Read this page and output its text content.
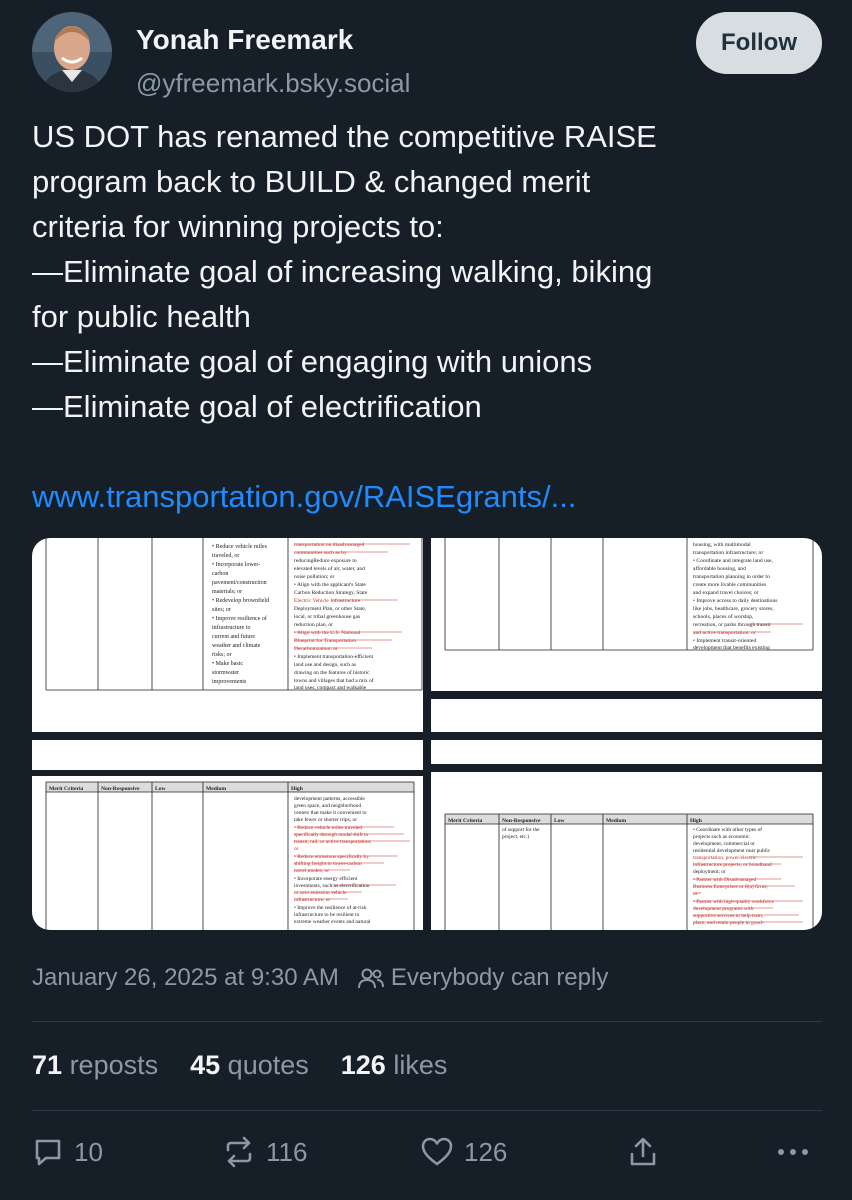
Yonah Freemark
@yfreemark.bsky.social
Follow
US DOT has renamed the competitive RAISE
program back to BUILD & changed merit
criteria for winning projects to:
—Eliminate goal of increasing walking, biking
for public health
—Eliminate goal of engaging with unions
—Eliminate goal of electrification
www.transportation.gov/RAISEgrants/...
• Reduce vehicle miles
traveled, or
• Incorporate lower-
carbon
pavement/construction
materials; or
• Redevelop brownfield
sites; or
• Improve resilience of
infrastructure to
current and future
weather and climate
risks; or
• Make basic
stormwater
improvements
transportation on disadvantaged
communities such as by
reducingReduce exposure to
elevated levels of air, water, and
noise pollution; or
• Align with the applicant's State
Carbon Reduction Strategy, State
Electric Vehicle Infrastructure
Deployment Plan, or other State,
local, or tribal greenhouse gas
reduction plan, or
• Align with the U.S. National
Blueprint for Transportation
Decarbonization; or
• Implement transportation-efficient
land use and design, such as
drawing on the features of historic
towns and villages that had a mix of
land uses, compact and walkable
housing, with multimodal
transportation infrastructure; or
• Coordinate and integrate land use,
affordable housing, and
transportation planning in order to
create more livable communities
and expand travel choices; or
• Improve access to daily destinations
like jobs, healthcare, grocery stores,
schools, places of worship,
recreation, or parks through transit
and active transportation; or
• Implement transit-oriented
development that benefits existing
Merit Criteria	Non-Responsive	Low	Medium	High
development patterns, accessible
green space, and neighborhood
centers that make it convenient to
take fewer or shorter trips; or
• Reduce vehicle miles traveled
specifically through modal shift to
transit, rail, or active transportation;
or
• Reduce emissions specifically by
shifting freight to lower-carbon
travel modes; or
• Incorporate energy efficient
investments, such as electrification
or zero emission vehicle
infrastructure, or
• Improve the resilience of at-risk
infrastructure to be resilient to
extreme weather events and natural
Merit Criteria	Non-Responsive Low	Medium	High
of support for the
project, etc.)
• Coordinate with other types of
projects such as economic
development, commercial or
residential development near public
transportation, power/electric
infrastructure projects, or broadband
deployment; or
• Partner with Disadvantaged
Business Enterprises or 8(a) firms;
or
• Partner with high-quality workforce
development programs with
supportive services to help train,
place, and retain people in good-
January 26, 2025 at 9:30 AM Everybody can reply
71 reposts 45 quotes 126 likes
10	116	126
